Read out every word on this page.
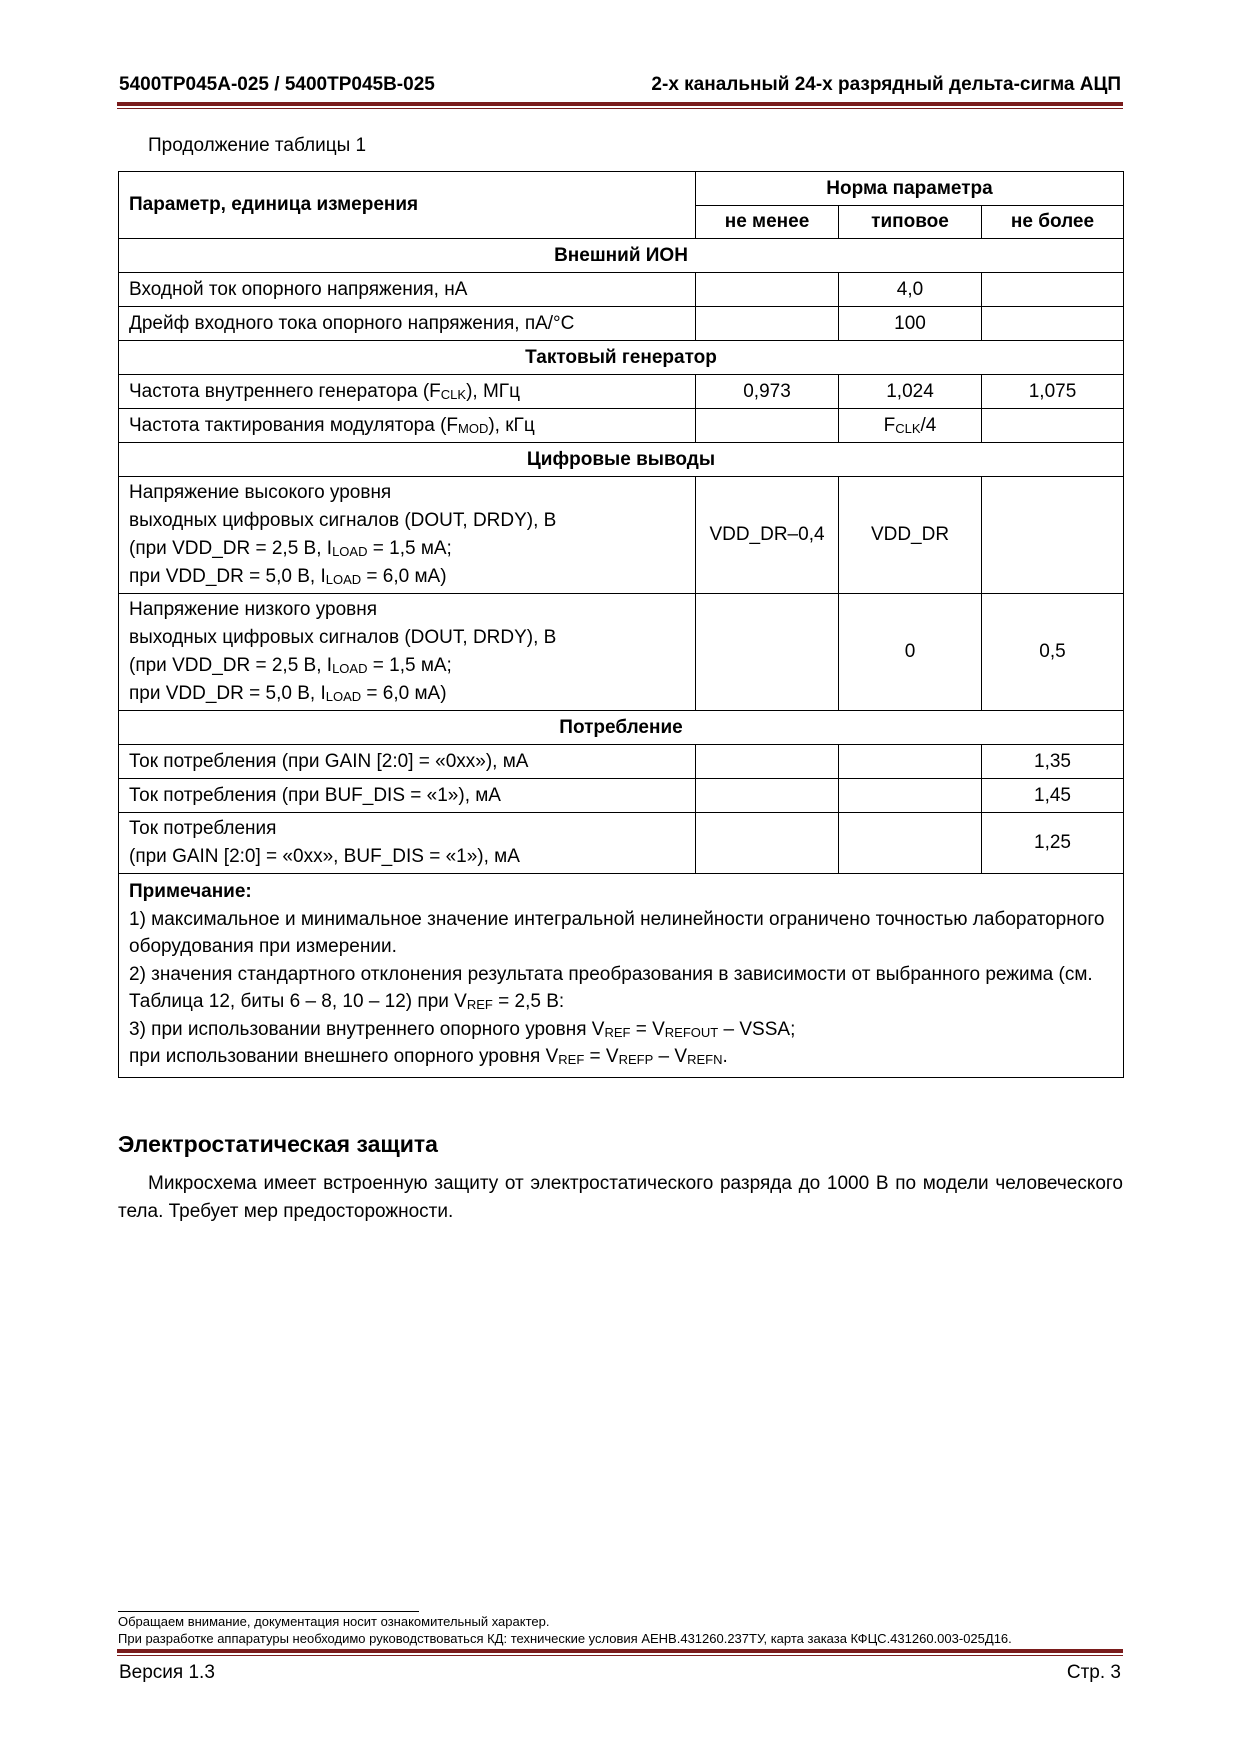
5400ТР045А-025 / 5400ТР045В-025	2-х канальный 24-х разрядный дельта-сигма АЦП
Продолжение таблицы 1
Параметр, единица измерения	Норма параметра		
	не менее	типовое	не более
Внешний ИОН			
Входной ток опорного напряжения, нА		4,0	
Дрейф входного тока опорного напряжения, пА/°С		100	
Тактовый генератор			
Частота внутреннего генератора $(F_{CLK})$, МГц	0,973	1,024	1,075
Частота тактирования модулятора $(F_{MOD})$, кГц		$F_{CLK}/4$	
Цифровые выводы			

Напряжение высокого уровня
выходных цифровых сигналов (DOUT, DRDY), В
(при VDD_DR = 2,5 В, $I_{LOAD} = 1,5$ мА;
при VDD_DR = 5,0 В, $I_{LOAD} = 6,0$ мА)	VDD_DR–0,4	VDD_DR	

Напряжение низкого уровня
выходных цифровых сигналов (DOUT, DRDY), В
(при VDD_DR = 2,5 В, $I_{LOAD} = 1,5$ мА;
при VDD_DR = 5,0 В, $I_{LOAD} = 6,0$ мА)		0	0,5
Потребление			
Ток потребления (при GAIN [2:0] = «0хх»), мА			1,35
Ток потребления (при BUF_DIS = «1»), мА			1,45

Ток потребления
(при GAIN [2:0] = «0хх», BUF_DIS = «1»), мА			1,25

Примечание:
1) максимальное и минимальное значение интегральной нелинейности ограничено точностью лабораторного оборудования при измерении.
2) значения стандартного отклонения результата преобразования в зависимости от выбранного режима (см. Таблица 12, биты 6 – 8, 10 – 12) при $V_{REF} = 2,5$ В:
3) при использовании внутреннего опорного уровня $V_{REF} = V_{REFOUT}$ – VSSA;
при использовании внешнего опорного уровня $V_{REF} = V_{REFP} - V_{REFN}$.			
Электростатическая защита
Микросхема имеет встроенную защиту от электростатического разряда до 1000 В по модели человеческого тела. Требует мер предосторожности.
Обращаем внимание, документация носит ознакомительный характер.
При разработке аппаратуры необходимо руководствоваться КД: технические условия АЕНВ.431260.237ТУ, карта заказа КФЦС.431260.003-025Д16.
Версия 1.3	Стр. 3
